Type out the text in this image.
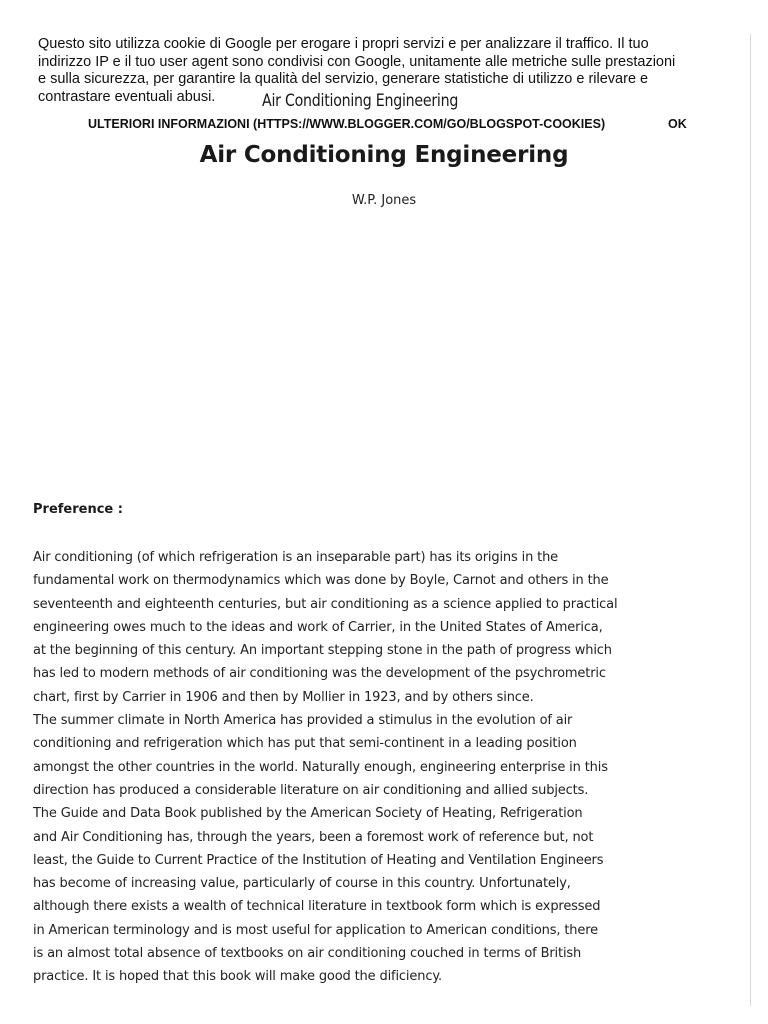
Questo sito utilizza cookie di Google per erogare i propri servizi e per analizzare il traffico. Il tuo
indirizzo IP e il tuo user agent sono condivisi con Google, unitamente alle metriche sulle prestazioni
e sulla sicurezza, per garantire la qualità del servizio, generare statistiche di utilizzo e rilevare e
contrastare eventuali abusi.	Air Conditioning Engineering
ULTERIORI INFORMAZIONI (HTTPS://WWW.BLOGGER.COM/GO/BLOGSPOT-COOKIES)	OK
Air Conditioning Engineering
W.P. Jones
Preference :
Air conditioning (of which refrigeration is an inseparable part) has its origins in the
fundamental work on thermodynamics which was done by Boyle, Carnot and others in the
seventeenth and eighteenth centuries, but air conditioning as a science applied to practical
engineering owes much to the ideas and work of Carrier, in the United States of America,
at the beginning of this century. An important stepping stone in the path of progress which
has led to modern methods of air conditioning was the development of the psychrometric
chart, first by Carrier in 1906 and then by Mollier in 1923, and by others since.
The summer climate in North America has provided a stimulus in the evolution of air
conditioning and refrigeration which has put that semi-continent in a leading position
amongst the other countries in the world. Naturally enough, engineering enterprise in this
direction has produced a considerable literature on air conditioning and allied subjects.
The Guide and Data Book published by the American Society of Heating, Refrigeration
and Air Conditioning has, through the years, been a foremost work of reference but, not
least, the Guide to Current Practice of the Institution of Heating and Ventilation Engineers
has become of increasing value, particularly of course in this country. Unfortunately,
although there exists a wealth of technical literature in textbook form which is expressed
in American terminology and is most useful for application to American conditions, there
is an almost total absence of textbooks on air conditioning couched in terms of British
practice. It is hoped that this book will make good the dificiency.
